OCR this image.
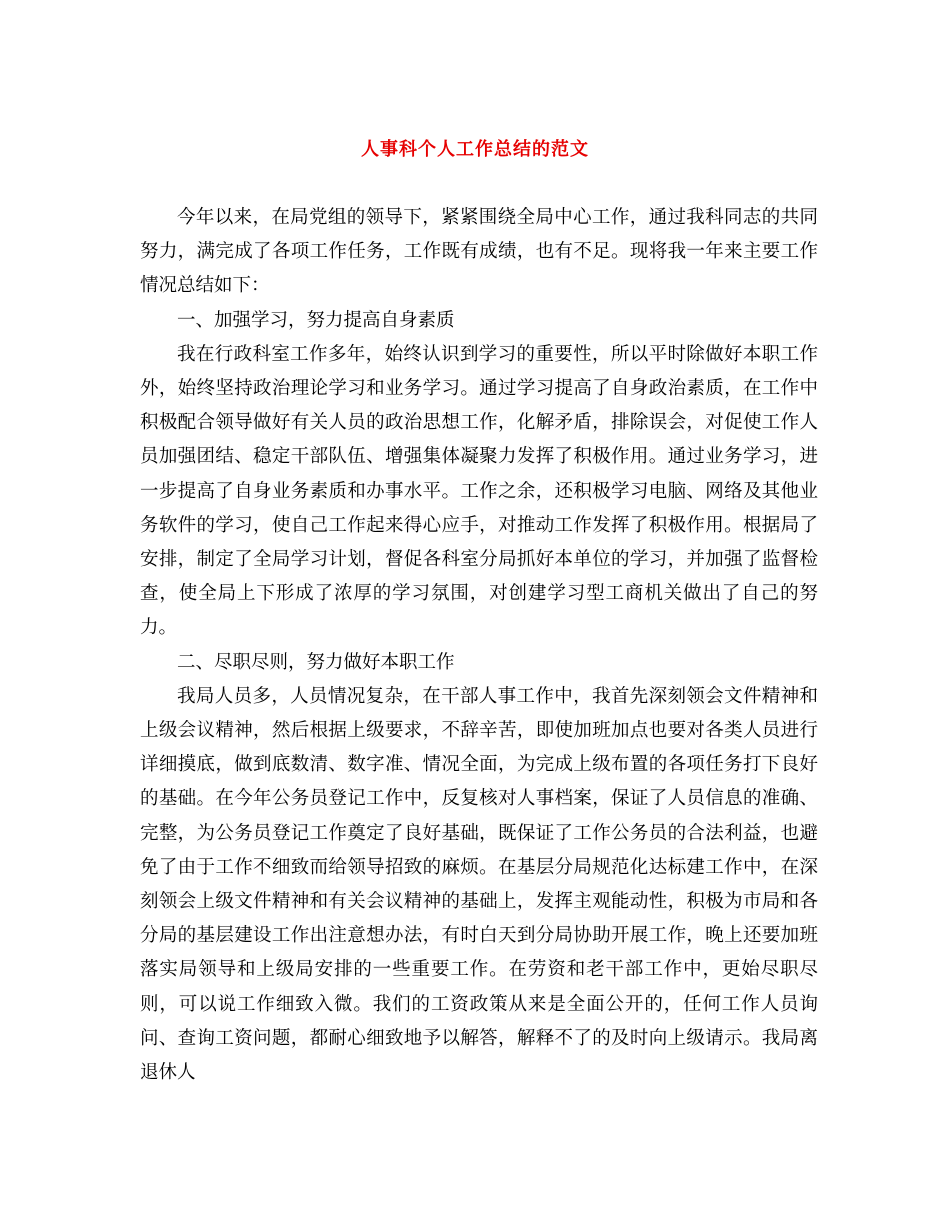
人事科个人工作总结的范文

今年以来，在局党组的领导下，紧紧围绕全局中心工作，通过我科同志的共同努力，满完成了各项工作任务，工作既有成绩，也有不足。现将我一年来主要工作情况总结如下：

一、加强学习，努力提高自身素质

我在行政科室工作多年，始终认识到学习的重要性，所以平时除做好本职工作外，始终坚持政治理论学习和业务学习。通过学习提高了自身政治素质，在工作中积极配合领导做好有关人员的政治思想工作，化解矛盾，排除误会，对促使工作人员加强团结、稳定干部队伍、增强集体凝聚力发挥了积极作用。通过业务学习，进一步提高了自身业务素质和办事水平。工作之余，还积极学习电脑、网络及其他业务软件的学习，使自己工作起来得心应手，对推动工作发挥了积极作用。根据局了安排，制定了全局学习计划，督促各科室分局抓好本单位的学习，并加强了监督检查，使全局上下形成了浓厚的学习氛围，对创建学习型工商机关做出了自己的努力。

二、尽职尽则，努力做好本职工作

我局人员多，人员情况复杂，在干部人事工作中，我首先深刻领会文件精神和上级会议精神，然后根据上级要求，不辞辛苦，即使加班加点也要对各类人员进行详细摸底，做到底数清、数字准、情况全面，为完成上级布置的各项任务打下良好的基础。在今年公务员登记工作中，反复核对人事档案，保证了人员信息的准确、完整，为公务员登记工作奠定了良好基础，既保证了工作公务员的合法利益，也避免了由于工作不细致而给领导招致的麻烦。在基层分局规范化达标建工作中，在深刻领会上级文件精神和有关会议精神的基础上，发挥主观能动性，积极为市局和各分局的基层建设工作出注意想办法，有时白天到分局协助开展工作，晚上还要加班落实局领导和上级局安排的一些重要工作。在劳资和老干部工作中，更始尽职尽则，可以说工作细致入微。我们的工资政策从来是全面公开的，任何工作人员询问、查询工资问题，都耐心细致地予以解答，解释不了的及时向上级请示。我局离退休人
